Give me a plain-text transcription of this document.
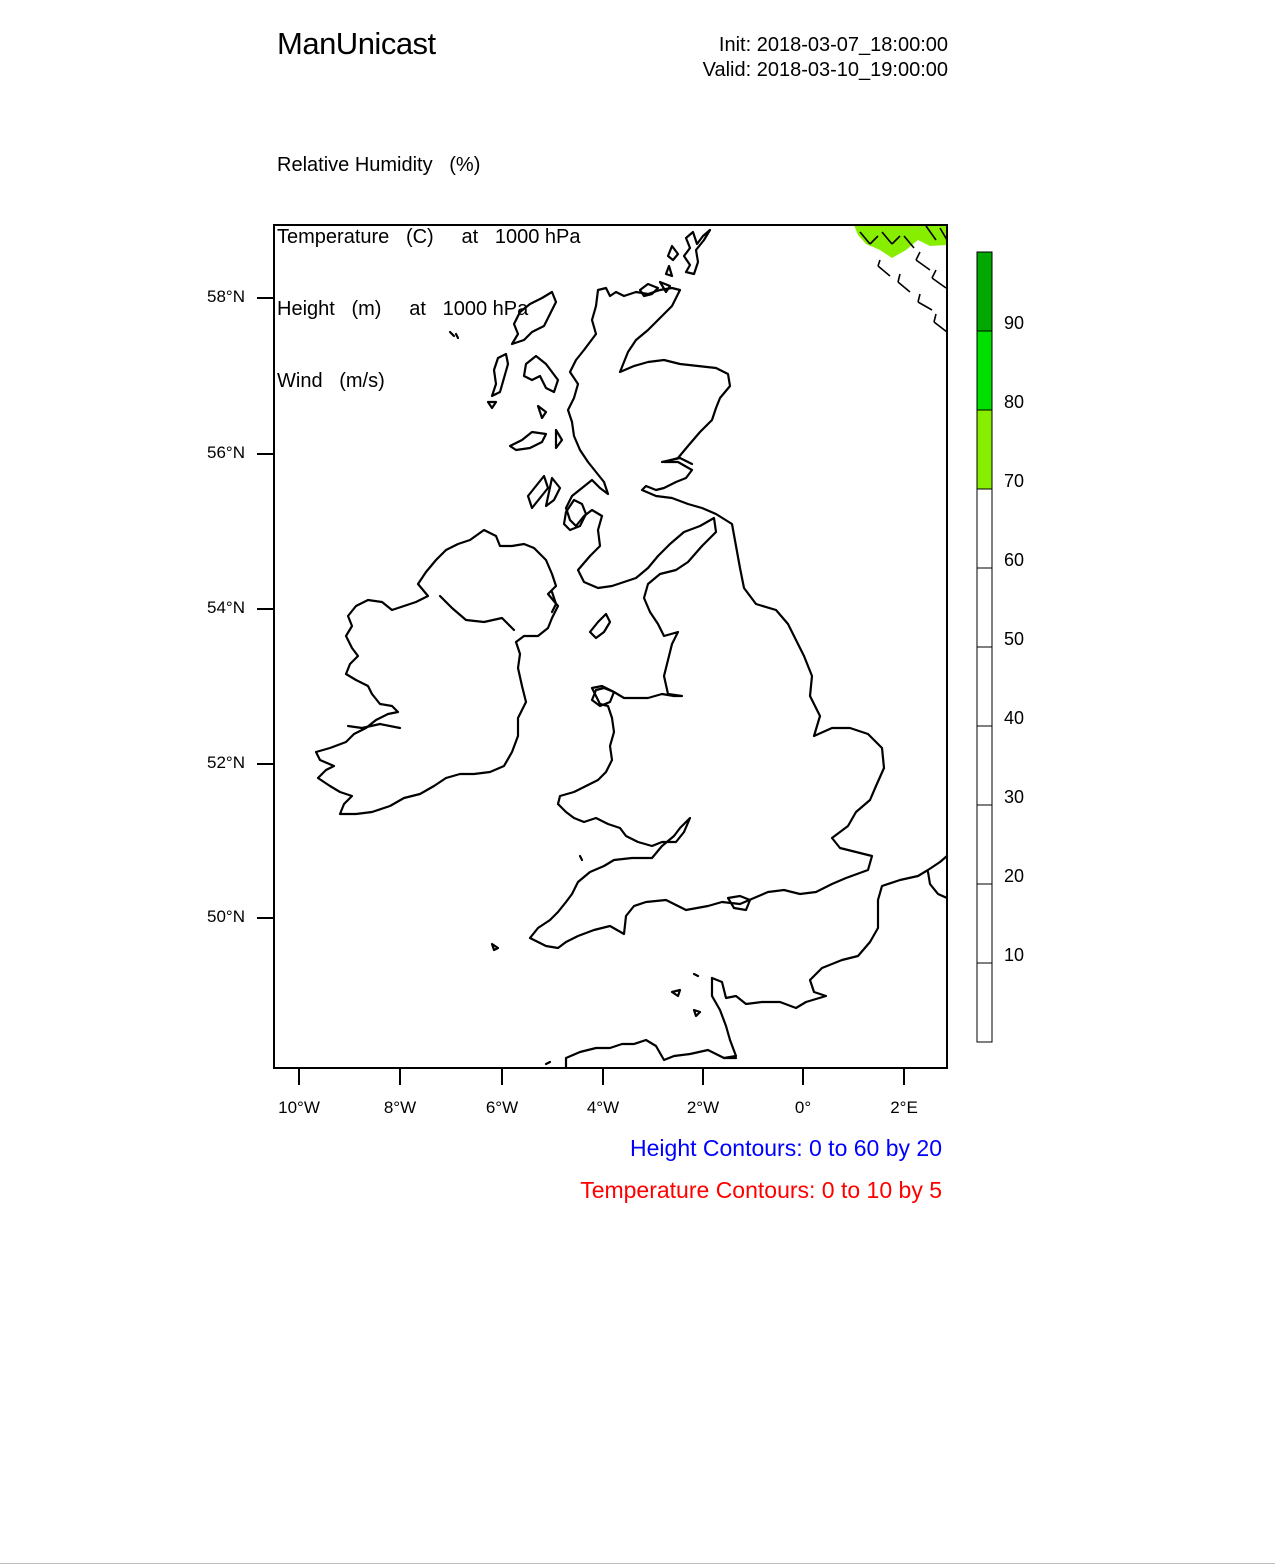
ManUnicast	Init: 2018-03-07_18:00:00
Valid: 2018-03-10_19:00:00

Relative Humidity   (%)

Temperature   (C)     at   1000 hPa

Height   (m)     at   1000 hPa

Wind   (m/s)

58°N
56°N
54°N
52°N
50°N
10°W	8°W	6°W	4°W	2°W	0°	2°E
90
80
70
60
50
40
30
20
10
Height Contours: 0 to 60 by 20
Temperature Contours: 0 to 10 by 5
